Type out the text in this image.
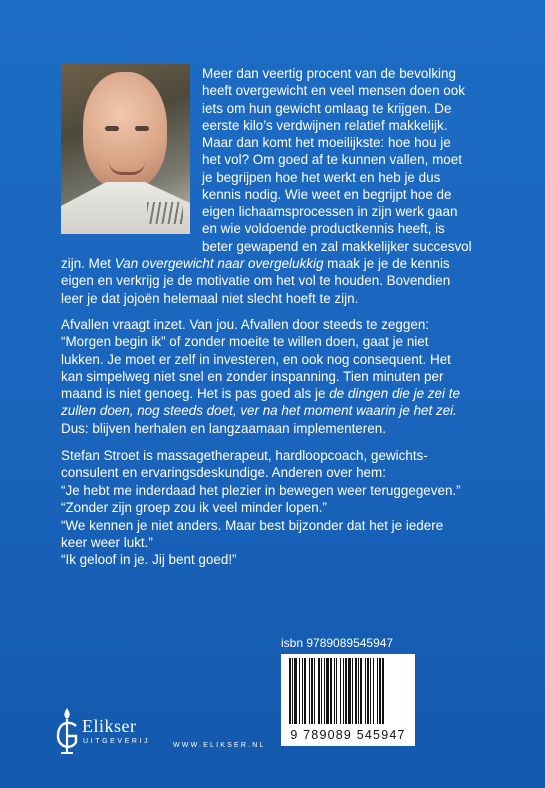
Meer dan veertig procent van de bevolking
heeft overgewicht en veel mensen doen ook
iets om hun gewicht omlaag te krijgen. De
eerste kilo’s verdwijnen relatief makkelijk.
Maar dan komt het moeilijkste: hoe hou je
het vol? Om goed af te kunnen vallen, moet
je begrijpen hoe het werkt en heb je dus
kennis nodig. Wie weet en begrijpt hoe de
eigen lichaamsprocessen in zijn werk gaan
en wie voldoende productkennis heeft, is
beter gewapend en zal makkelijker succesvol
zijn. Met Van overgewicht naar overgelukkig maak je je de kennis
eigen en verkrijg je de motivatie om het vol te houden. Bovendien
leer je dat jojoën helemaal niet slecht hoeft te zijn.
Afvallen vraagt inzet. Van jou. Afvallen door steeds te zeggen:
“Morgen begin ik” of zonder moeite te willen doen, gaat je niet
lukken. Je moet er zelf in investeren, en ook nog consequent. Het
kan simpelweg niet snel en zonder inspanning. Tien minuten per
maand is niet genoeg. Het is pas goed als je de dingen die je zei te
zullen doen, nog steeds doet, ver na het moment waarin je het zei.
Dus: blijven herhalen en langzaamaan implementeren.
Stefan Stroet is massagetherapeut, hardloopcoach, gewichts-
consulent en ervaringsdeskundige. Anderen over hem:
“Je hebt me inderdaad het plezier in bewegen weer teruggegeven.”
“Zonder zijn groep zou ik veel minder lopen.”
“We kennen je niet anders. Maar best bijzonder dat het je iedere
keer weer lukt.”
“Ik geloof in je. Jij bent goed!”
Elikser
UITGEVERIJ
WWW.ELIKSER.NL
isbn 9789089545947
9 789089 545947
